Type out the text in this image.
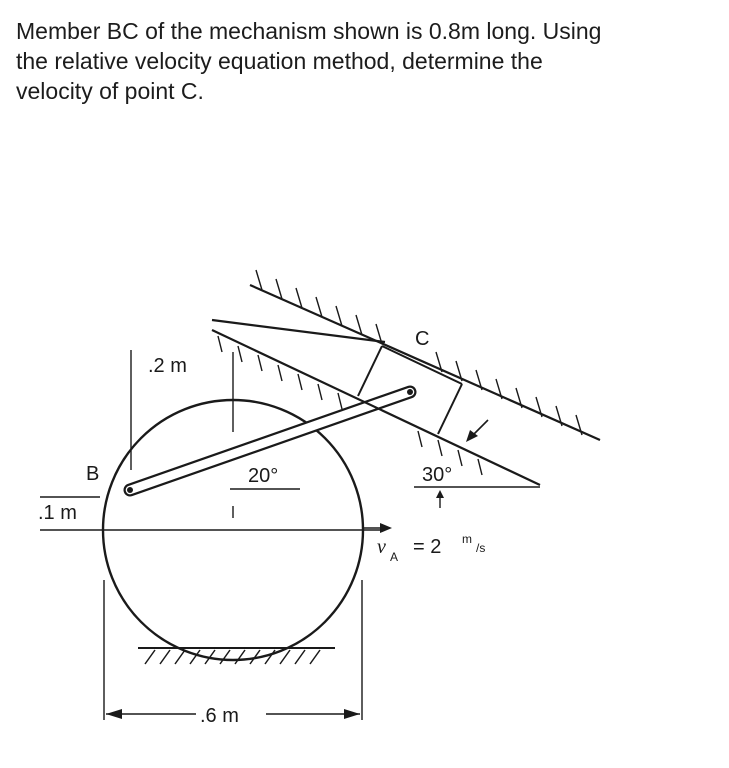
Member BC of the mechanism shown is 0.8m long. Using
the relative velocity equation method, determine the
velocity of point C.
.6 m
.2 m
.1 m
B	20°
C
30°
v A = 2 m
/s
